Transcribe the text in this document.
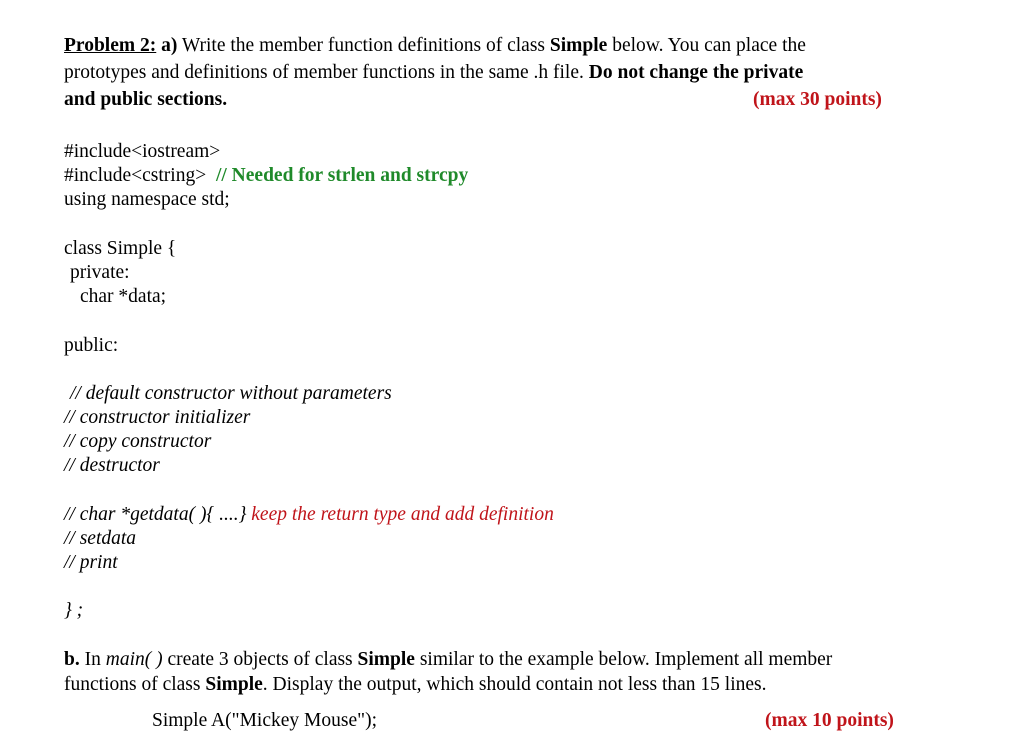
Problem 2: a) Write the member function definitions of class Simple below. You can place the
prototypes and definitions of member functions in the same .h file. Do not change the private
and public sections.	(max 30 points)
#include<iostream>
#include<cstring> // Needed for strlen and strcpy
using namespace std;
class Simple {
private:
char *data;
public:
// default constructor without parameters
// constructor initializer
// copy constructor
// destructor
// char *getdata( ){ ....} keep the return type and add definition
// setdata
// print
} ;
b. In main( ) create 3 objects of class Simple similar to the example below. Implement all member
functions of class Simple. Display the output, which should contain not less than 15 lines.
Simple A("Mickey Mouse");	(max 10 points)
